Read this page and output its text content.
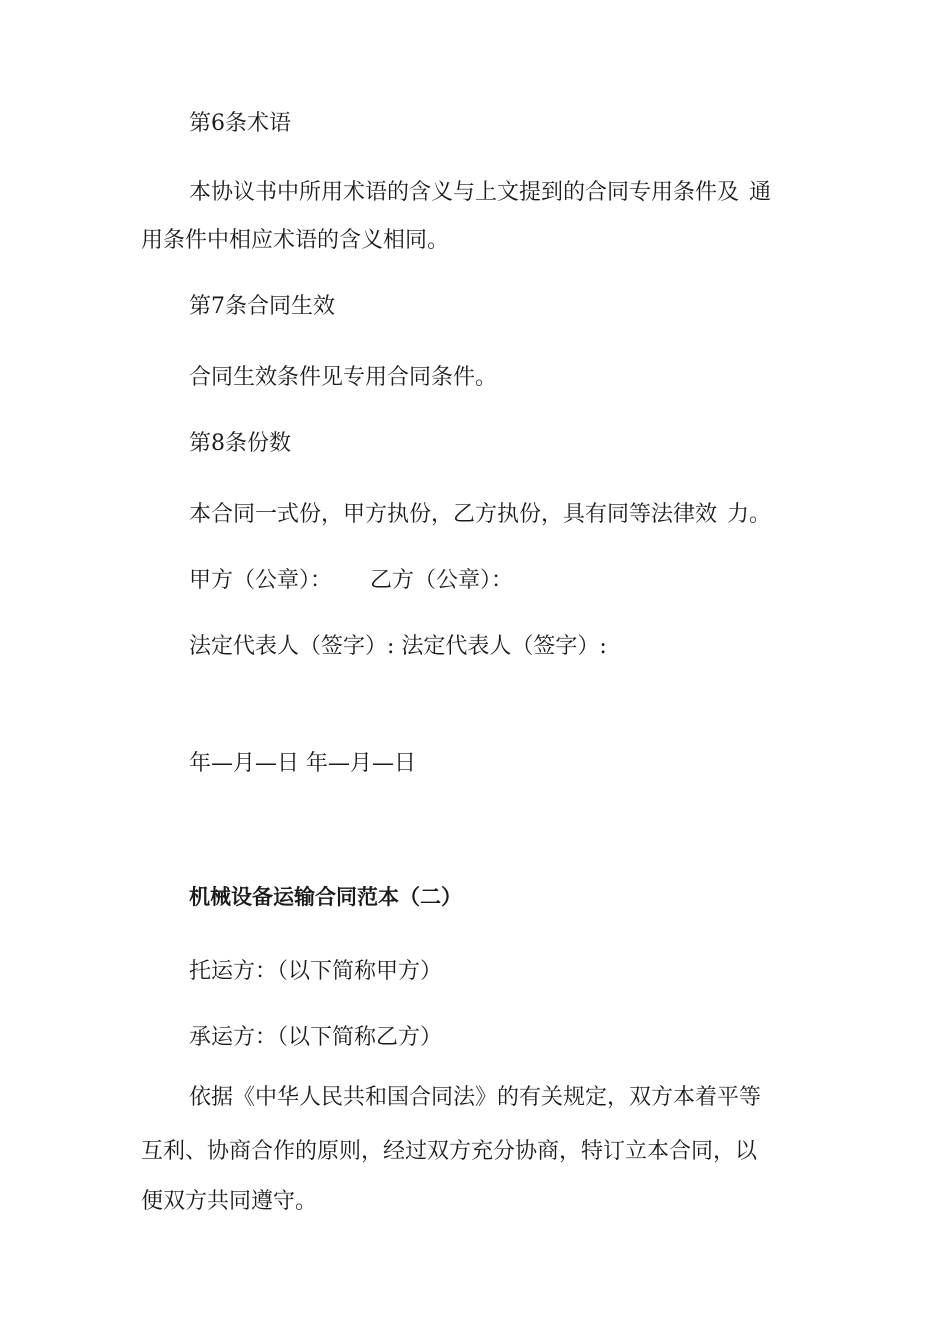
第6条术语
本协议书中所用术语的含义与上文提到的合同专用条件及 通
用条件中相应术语的含义相同。
第7条合同生效
合同生效条件见专用合同条件。
第8条份数
本合同一式份，甲方执份，乙方执份，具有同等法律效 力。
甲方（公章）： 乙方（公章）：
法定代表人（签字）: 法定代表人（签字）:
年—月—日 年—月—日
机械设备运输合同范本（二）
托运方：（以下简称甲方）
承运方：（以下简称乙方）
依据《中华人民共和国合同法》的有关规定，双方本着平等
互利、协商合作的原则，经过双方充分协商，特订立本合同，以
便双方共同遵守。
